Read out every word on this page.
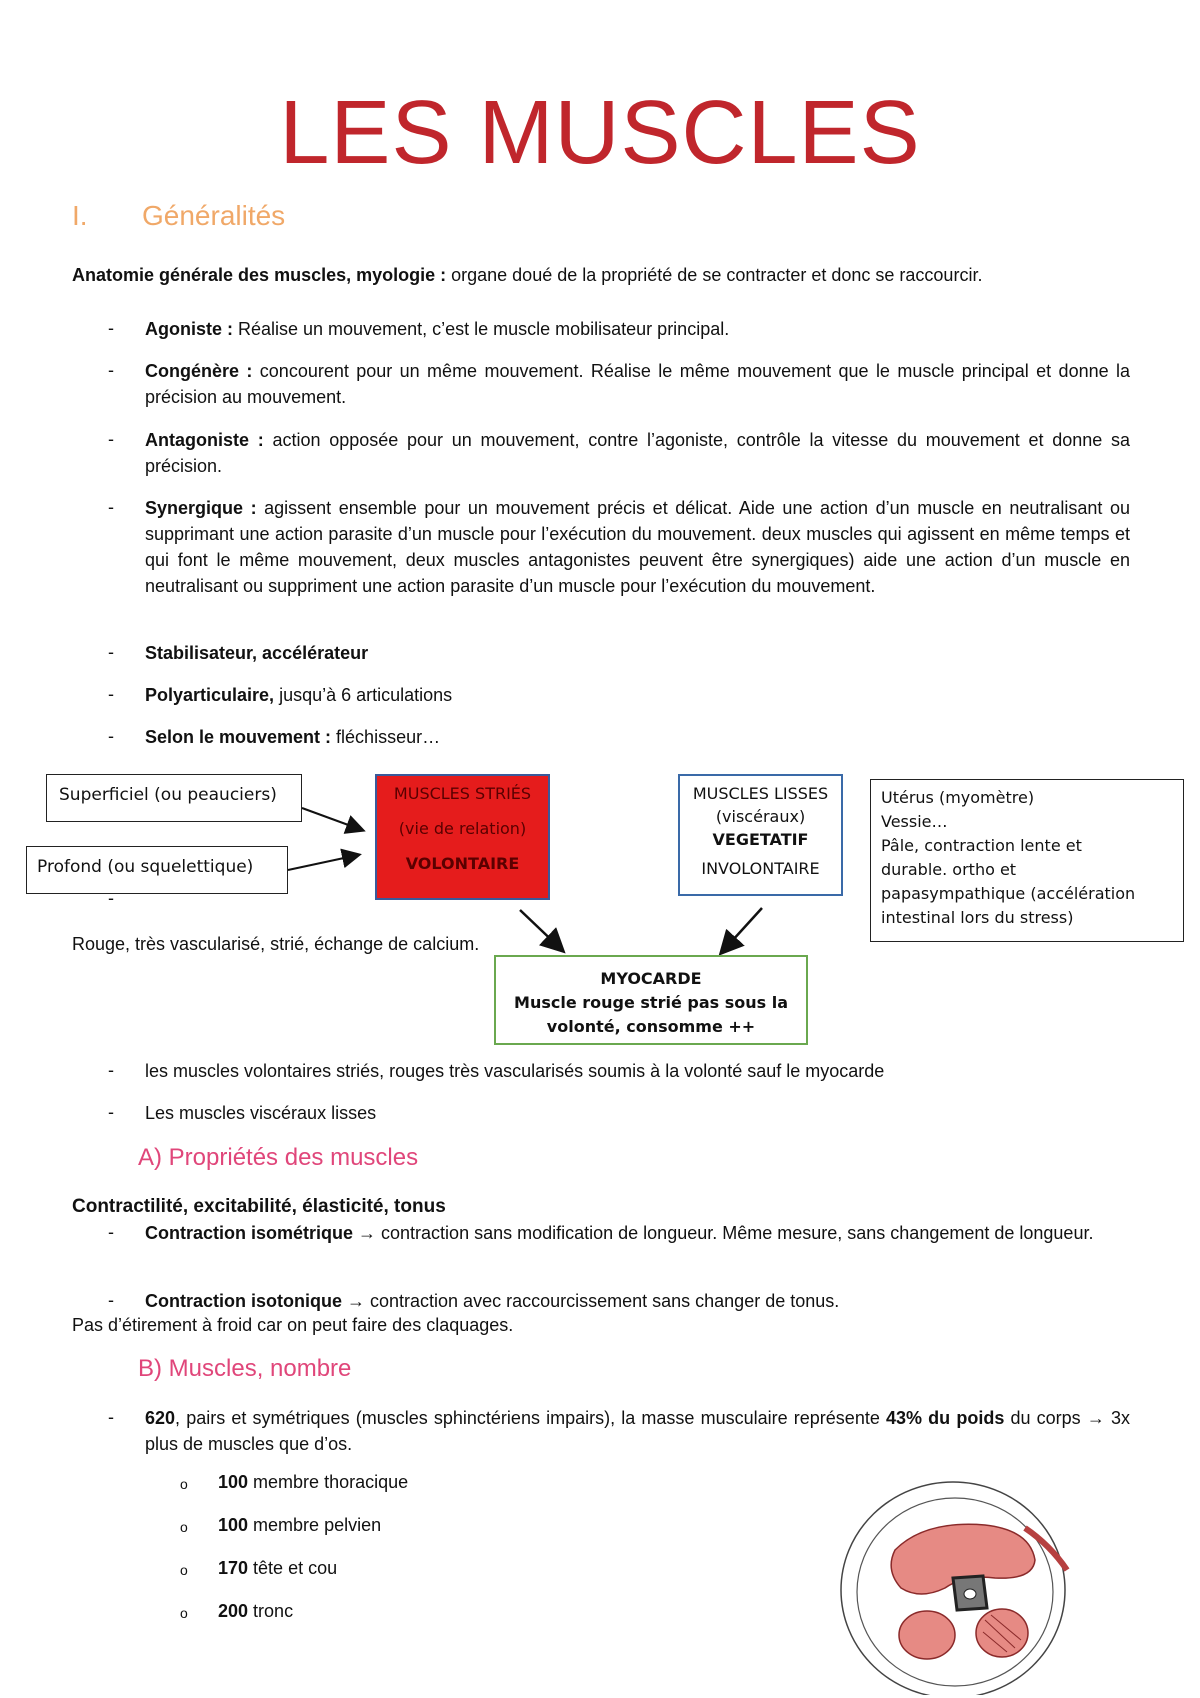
LES MUSCLES
I. Généralités

Anatomie générale des muscles, myologie : organe doué de la propriété de se contracter et donc se raccourcir.

-	Agoniste : Réalise un mouvement, c’est le muscle mobilisateur principal.
-	Congénère : concourent pour un même mouvement. Réalise le même mouvement que le muscle principal et donne la précision au mouvement.
-	Antagoniste : action opposée pour un mouvement, contre l’agoniste, contrôle la vitesse du mouvement et donne sa précision.
-	Synergique : agissent ensemble pour un mouvement précis et délicat. Aide une action d’un muscle en neutralisant ou supprimant une action parasite d’un muscle pour l’exécution du mouvement. deux muscles qui agissent en même temps et qui font le même mouvement, deux muscles antagonistes peuvent être synergiques) aide une action d’un muscle en neutralisant ou suppriment une action parasite d’un muscle pour l’exécution du mouvement.
-	Stabilisateur, accélérateur
-	Polyarticulaire, jusqu’à 6 articulations
-	Selon le mouvement : fléchisseur…
Superficiel (ou peauciers)
Profond (ou squelettique)
MUSCLES STRIÉS
(vie de relation)
VOLONTAIRE
MUSCLES LISSES
(viscéraux)
VEGETATIF
INVOLONTAIRE
Utérus (myomètre)
Vessie…
Pâle, contraction lente et
durable. ortho et
papasympathique (accélération
intestinal lors du stress)
-

Rouge, très vascularisé, strié, échange de calcium.

MYOCARDE
Muscle rouge strié pas sous la
volonté, consomme ++
-	les muscles volontaires striés, rouges très vascularisés soumis à la volonté sauf le myocarde
-	Les muscles viscéraux lisses
A) Propriétés des muscles

Contractilité, excitabilité, élasticité, tonus

-	Contraction isométrique → contraction sans modification de longueur. Même mesure, sans changement de longueur.
-	Contraction isotonique → contraction avec raccourcissement sans changer de tonus.

Pas d’étirement à froid car on peut faire des claquages.

B) Muscles, nombre
-	620, pairs et symétriques (muscles sphinctériens impairs), la masse musculaire représente 43% du poids du corps → 3x plus de muscles que d’os.
o 100 membre thoracique
o 100 membre pelvien
o 170 tête et cou
o 200 tronc
